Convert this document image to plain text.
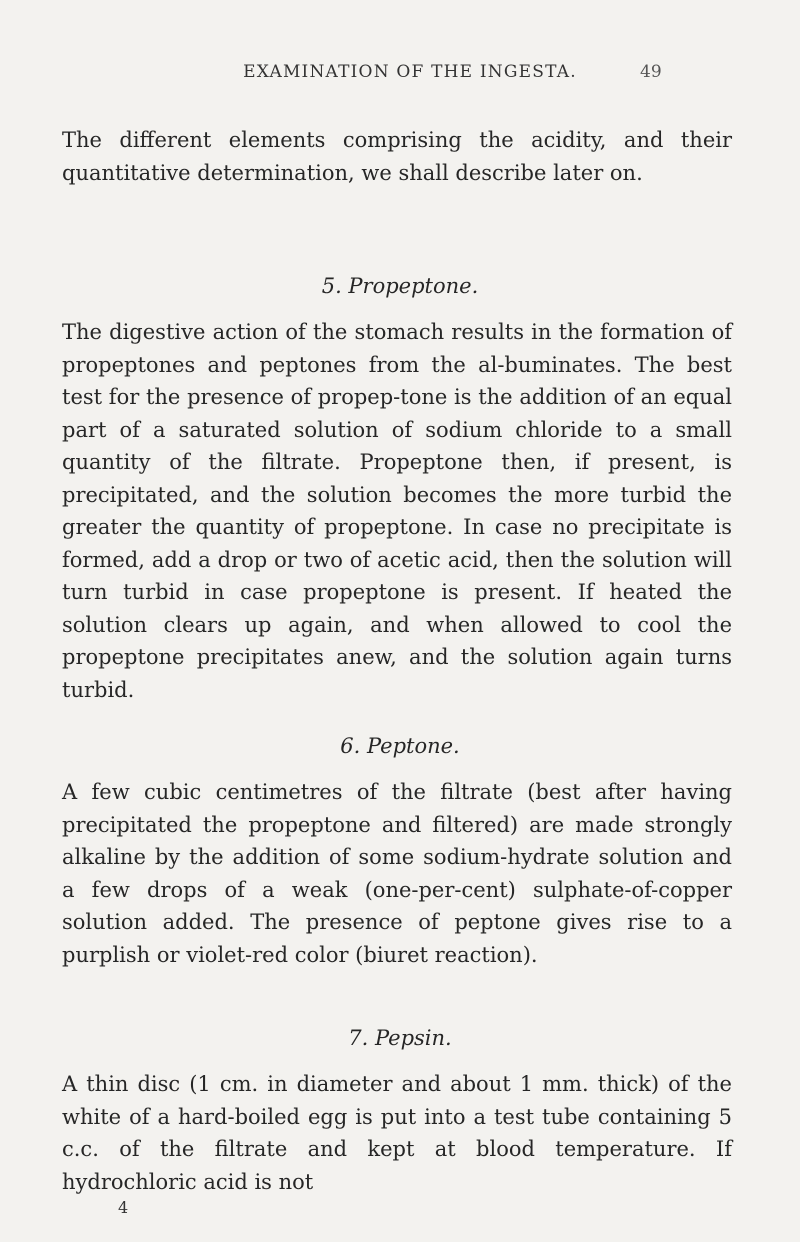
EXAMINATION OF THE INGESTA.	49
The different elements comprising the acidity, and their quantitative determination, we shall describe later on.
5. Propeptone.
The digestive action of the stomach results in the formation of propeptones and peptones from the al-buminates. The best test for the presence of propep-tone is the addition of an equal part of a saturated solution of sodium chloride to a small quantity of the filtrate. Propeptone then, if present, is precipitated, and the solution becomes the more turbid the greater the quantity of propeptone. In case no precipitate is formed, add a drop or two of acetic acid, then the solution will turn turbid in case propeptone is present. If heated the solution clears up again, and when allowed to cool the propeptone precipitates anew, and the solution again turns turbid.
6. Peptone.
A few cubic centimetres of the filtrate (best after having precipitated the propeptone and filtered) are made strongly alkaline by the addition of some sodium-hydrate solution and a few drops of a weak (one-per-cent) sulphate-of-copper solution added. The presence of peptone gives rise to a purplish or violet-red color (biuret reaction).
7. Pepsin.
A thin disc (1 cm. in diameter and about 1 mm. thick) of the white of a hard-boiled egg is put into a test tube containing 5 c.c. of the filtrate and kept at blood temperature. If hydrochloric acid is not
4
